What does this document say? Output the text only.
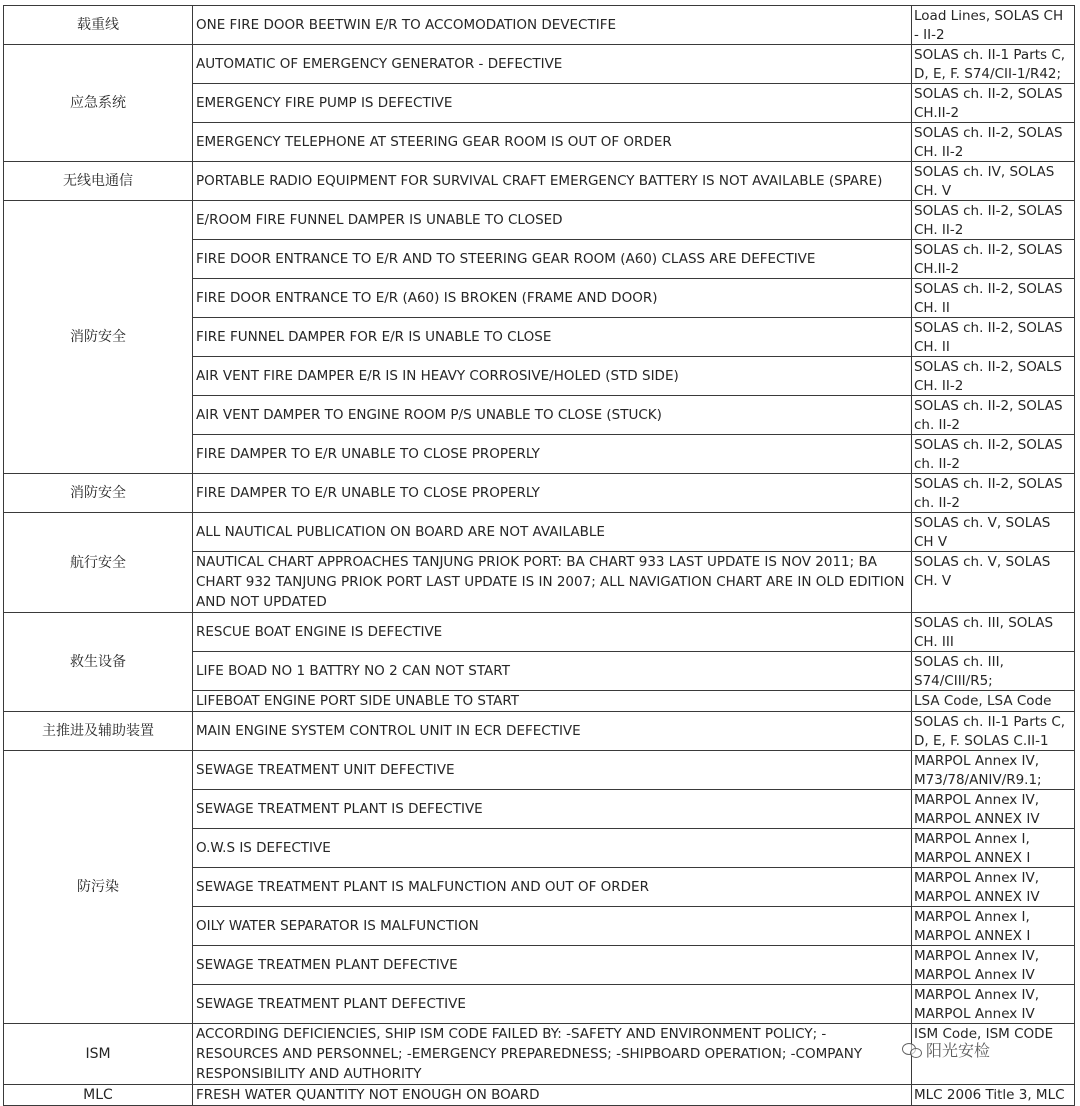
载重线	ONE FIRE DOOR BEETWIN E/R TO ACCOMODATION DEVECTIFE	Load Lines, SOLAS CH - II-2

应急系统	AUTOMATIC OF EMERGENCY GENERATOR - DEFECTIVE	SOLAS ch. II-1 Parts C, D, E, F. S74/CII-1/R42;

	EMERGENCY FIRE PUMP IS DEFECTIVE	SOLAS ch. II-2, SOLAS CH.II-2

	EMERGENCY TELEPHONE AT STEERING GEAR ROOM IS OUT OF ORDER	SOLAS ch. II-2, SOLAS CH. II-2

无线电通信	PORTABLE RADIO EQUIPMENT FOR SURVIVAL CRAFT EMERGENCY BATTERY IS NOT AVAILABLE (SPARE)	SOLAS ch. IV, SOLAS CH. V

消防安全	E/ROOM FIRE FUNNEL DAMPER IS UNABLE TO CLOSED	SOLAS ch. II-2, SOLAS CH. II-2

	FIRE DOOR ENTRANCE TO E/R AND TO STEERING GEAR ROOM (A60) CLASS ARE DEFECTIVE	SOLAS ch. II-2, SOLAS CH.II-2

	FIRE DOOR ENTRANCE TO E/R (A60) IS BROKEN (FRAME AND DOOR)	SOLAS ch. II-2, SOLAS CH. II

	FIRE FUNNEL DAMPER FOR E/R IS UNABLE TO CLOSE	SOLAS ch. II-2, SOLAS CH. II

	AIR VENT FIRE DAMPER E/R IS IN HEAVY CORROSIVE/HOLED (STD SIDE)	SOLAS ch. II-2, SOALS CH. II-2

	AIR VENT DAMPER TO ENGINE ROOM P/S UNABLE TO CLOSE (STUCK)	SOLAS ch. II-2, SOLAS ch. II-2

	FIRE DAMPER TO E/R UNABLE TO CLOSE PROPERLY	SOLAS ch. II-2, SOLAS ch. II-2

消防安全	FIRE DAMPER TO E/R UNABLE TO CLOSE PROPERLY	SOLAS ch. II-2, SOLAS ch. II-2

航行安全	ALL NAUTICAL PUBLICATION ON BOARD ARE NOT AVAILABLE	SOLAS ch. V, SOLAS CH V

	NAUTICAL CHART APPROACHES TANJUNG PRIOK PORT: BA CHART 933 LAST UPDATE IS NOV 2011; BA CHART 932 TANJUNG PRIOK PORT LAST UPDATE IS IN 2007; ALL NAVIGATION CHART ARE IN OLD EDITION AND NOT UPDATED	SOLAS ch. V, SOLAS CH. V

救生设备	RESCUE BOAT ENGINE IS DEFECTIVE	SOLAS ch. III, SOLAS CH. III

	LIFE BOAD NO 1 BATTRY NO 2 CAN NOT START	SOLAS ch. III, S74/CIII/R5;

	LIFEBOAT ENGINE PORT SIDE UNABLE TO START	LSA Code, LSA Code

主推进及辅助装置	MAIN ENGINE SYSTEM CONTROL UNIT IN ECR DEFECTIVE	SOLAS ch. II-1 Parts C, D, E, F. SOLAS C.II-1

防污染	SEWAGE TREATMENT UNIT DEFECTIVE	MARPOL Annex IV, M73/78/ANIV/R9.1;

	SEWAGE TREATMENT PLANT IS DEFECTIVE	MARPOL Annex IV, MARPOL ANNEX IV

	O.W.S IS DEFECTIVE	MARPOL Annex I, MARPOL ANNEX I

	SEWAGE TREATMENT PLANT IS MALFUNCTION AND OUT OF ORDER	MARPOL Annex IV, MARPOL ANNEX IV

	OILY WATER SEPARATOR IS MALFUNCTION	MARPOL Annex I, MARPOL ANNEX I

	SEWAGE TREATMEN PLANT DEFECTIVE	MARPOL Annex IV, MARPOL Annex IV

	SEWAGE TREATMENT PLANT DEFECTIVE	MARPOL Annex IV, MARPOL Annex IV

ISM	ACCORDING DEFICIENCIES, SHIP ISM CODE FAILED BY: -SAFETY AND ENVIRONMENT POLICY; -RESOURCES AND PERSONNEL; -EMERGENCY PREPAREDNESS; -SHIPBOARD OPERATION; -COMPANY RESPONSIBILITY AND AUTHORITY	ISM Code, ISM CODE

MLC	FRESH WATER QUANTITY NOT ENOUGH ON BOARD	MLC 2006 Title 3, MLC
阳光安检
